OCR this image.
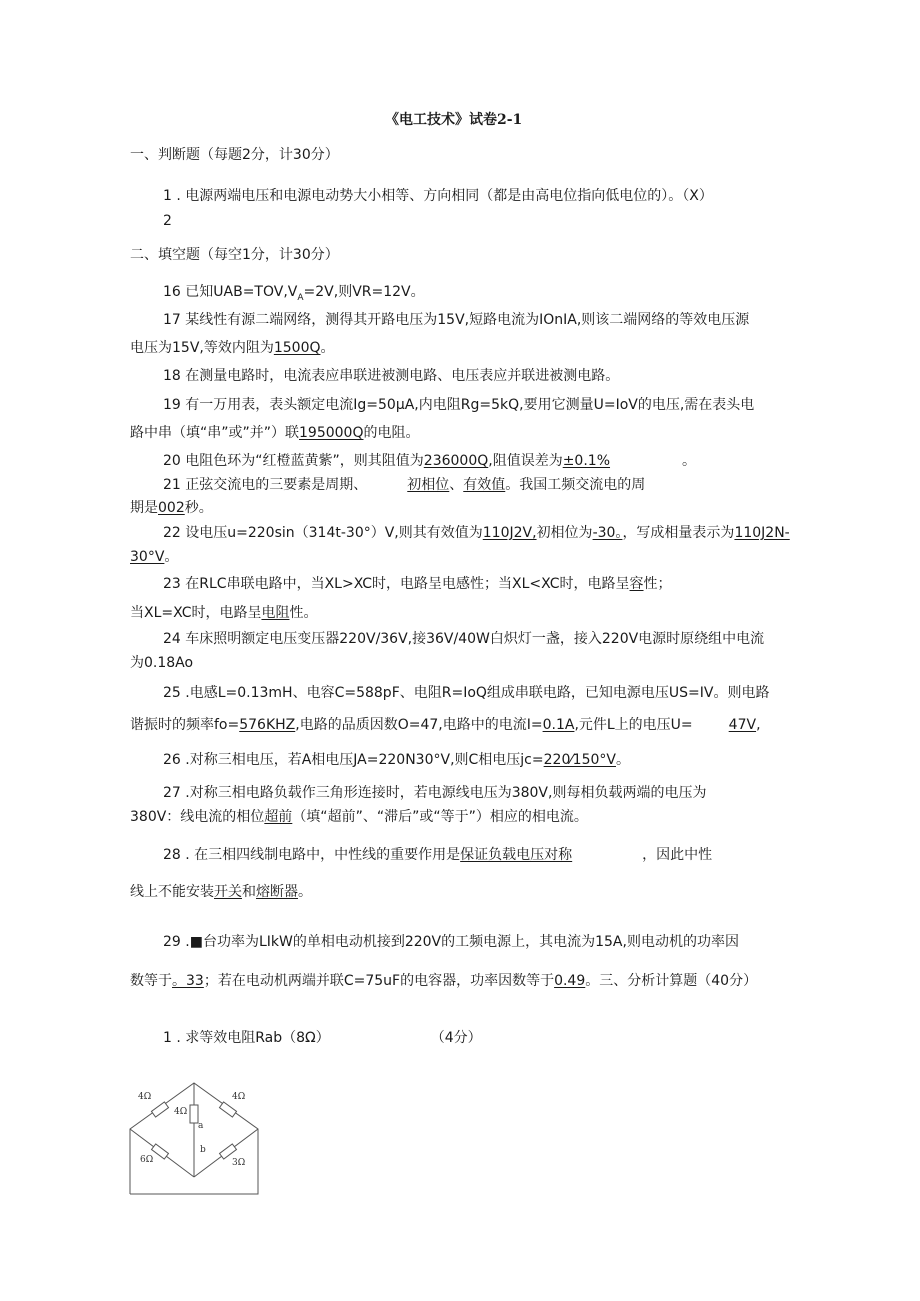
《电工技术》试卷2-1
一、判断题（每题2分，计30分）
1 . 电源两端电压和电源电动势大小相等、方向相同（都是由高电位指向低电位的）。（X）
2
二、填空题（每空1分，计30分）
16 已知$UAB=TOV,V_A=2V$,则VR=12V。
17 某线性有源二端网络，测得其开路电压为15V,短路电流为IOnIA,则该二端网络的等效电压源
电压为15V,等效内阻为1500Q。
18 在测量电路时，电流表应串联进被测电路、电压表应并联进被测电路。
19 有一万用表，表头额定电流Ig=50μA,内电阻Rg=5kQ,要用它测量U=IoV的电压,需在表头电
路中串（填“串”或”并”）联195000Q的电阻。
20 电阻色环为“红橙蓝黄紫”，则其阻值为236000Q,阻值误差为±0.1%	。
21 正弦交流电的三要素是周期、	初相位、有效值。我国工频交流电的周
期是002秒。
22 设电压u=220sin（314t-30°）V,则其有效值为110J2V,初相位为-30。，写成相量表示为110J2N-
30°V。
23 在RLC串联电路中，当XL>XC时，电路呈电感性；当XL<XC时，电路呈容性；
当XL=XC时，电路呈电阻性。
24 车床照明额定电压变压器220V/36V,接36V/40W白炽灯一盏，接入220V电源时原绕组中电流
为0.18Ao
25 .电感L=0.13mH、电容C=588pF、电阻R=IoQ组成串联电路，已知电源电压US=IV。则电路
谐振时的频率fo=576KHZ,电路的品质因数O=47,电路中的电流I=0.1A,元件L上的电压U=	47V,
26 .对称三相电压，若A相电压JA=220N30°V,则C相电压jc=220⁄150°V。
27 .对称三相电路负载作三角形连接时，若电源线电压为380V,则每相负载两端的电压为
380V：线电流的相位超前（填“超前”、“滞后”或“等于”）相应的相电流。
28 . 在三相四线制电路中，中性线的重要作用是保证负载电压对称	，因此中性
线上不能安装开关和熔断器。
29 .■台功率为LIkW的单相电动机接到220V的工频电源上，其电流为15A,则电动机的功率因
数等于。33；若在电动机两端并联C=75uF的电容器，功率因数等于0.49。三、分析计算题（40分）
1 . 求等效电阻Rab（8Ω）	（4分）
4Ω	4Ω
4Ω
6Ω	3Ω
a
b
